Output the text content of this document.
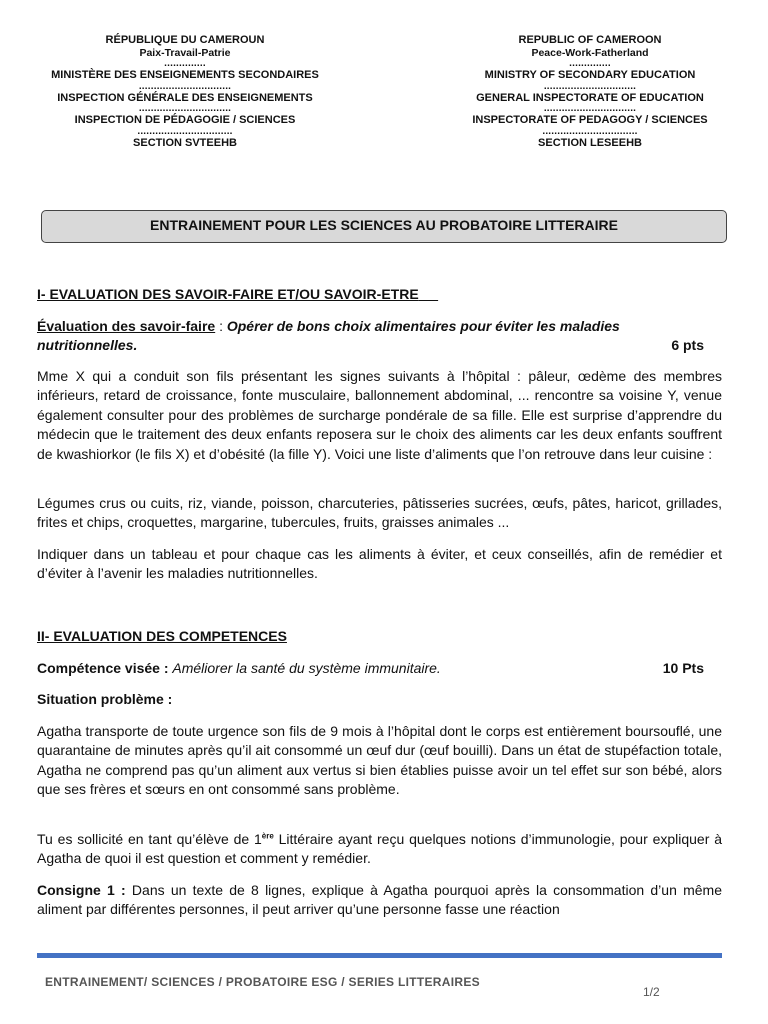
RÉPUBLIQUE DU CAMEROUN
Paix-Travail-Patrie
..............
MINISTÈRE DES ENSEIGNEMENTS SECONDAIRES
...............................
INSPECTION GÉNÉRALE DES ENSEIGNEMENTS
...............................
INSPECTION DE PÉDAGOGIE / SCIENCES
................................
SECTION SVTEEHB
REPUBLIC OF CAMEROON
Peace-Work-Fatherland
..............
MINISTRY OF SECONDARY EDUCATION
...............................
GENERAL INSPECTORATE OF EDUCATION
...............................
INSPECTORATE OF PEDAGOGY / SCIENCES
................................
SECTION LESEEHB
ENTRAINEMENT POUR LES SCIENCES AU PROBATOIRE LITTERAIRE
I- EVALUATION DES SAVOIR-FAIRE ET/OU SAVOIR-ETRE
Évaluation des savoir-faire : Opérer de bons choix alimentaires pour éviter les maladies nutritionnelles.	6 pts
Mme X qui a conduit son fils présentant les signes suivants à l’hôpital : pâleur, œdème des membres inférieurs, retard de croissance, fonte musculaire, ballonnement abdominal, ... rencontre sa voisine Y, venue également consulter pour des problèmes de surcharge pondérale de sa fille. Elle est surprise d’apprendre du médecin que le traitement des deux enfants reposera sur le choix des aliments car les deux enfants souffrent de kwashiorkor (le fils X) et d’obésité (la fille Y). Voici une liste d’aliments que l’on retrouve dans leur cuisine :
Légumes crus ou cuits, riz, viande, poisson, charcuteries, pâtisseries sucrées, œufs, pâtes, haricot, grillades, frites et chips, croquettes, margarine, tubercules, fruits, graisses animales ...
Indiquer dans un tableau et pour chaque cas les aliments à éviter, et ceux conseillés, afin de remédier et d’éviter à l’avenir les maladies nutritionnelles.
II- EVALUATION DES COMPETENCES
Compétence visée : Améliorer la santé du système immunitaire.	10 Pts
Situation problème :
Agatha transporte de toute urgence son fils de 9 mois à l’hôpital dont le corps est entièrement boursouflé, une quarantaine de minutes après qu’il ait consommé un œuf dur (œuf bouilli). Dans un état de stupéfaction totale, Agatha ne comprend pas qu’un aliment aux vertus si bien établies puisse avoir un tel effet sur son bébé, alors que ses frères et sœurs en ont consommé sans problème.
Tu es sollicité en tant qu’élève de 1ère Littéraire ayant reçu quelques notions d’immunologie, pour expliquer à Agatha de quoi il est question et comment y remédier.
Consigne 1 : Dans un texte de 8 lignes, explique à Agatha pourquoi après la consommation d’un même aliment par différentes personnes, il peut arriver qu’une personne fasse une réaction
ENTRAINEMENT/ SCIENCES / PROBATOIRE ESG / SERIES LITTERAIRES
1/2
